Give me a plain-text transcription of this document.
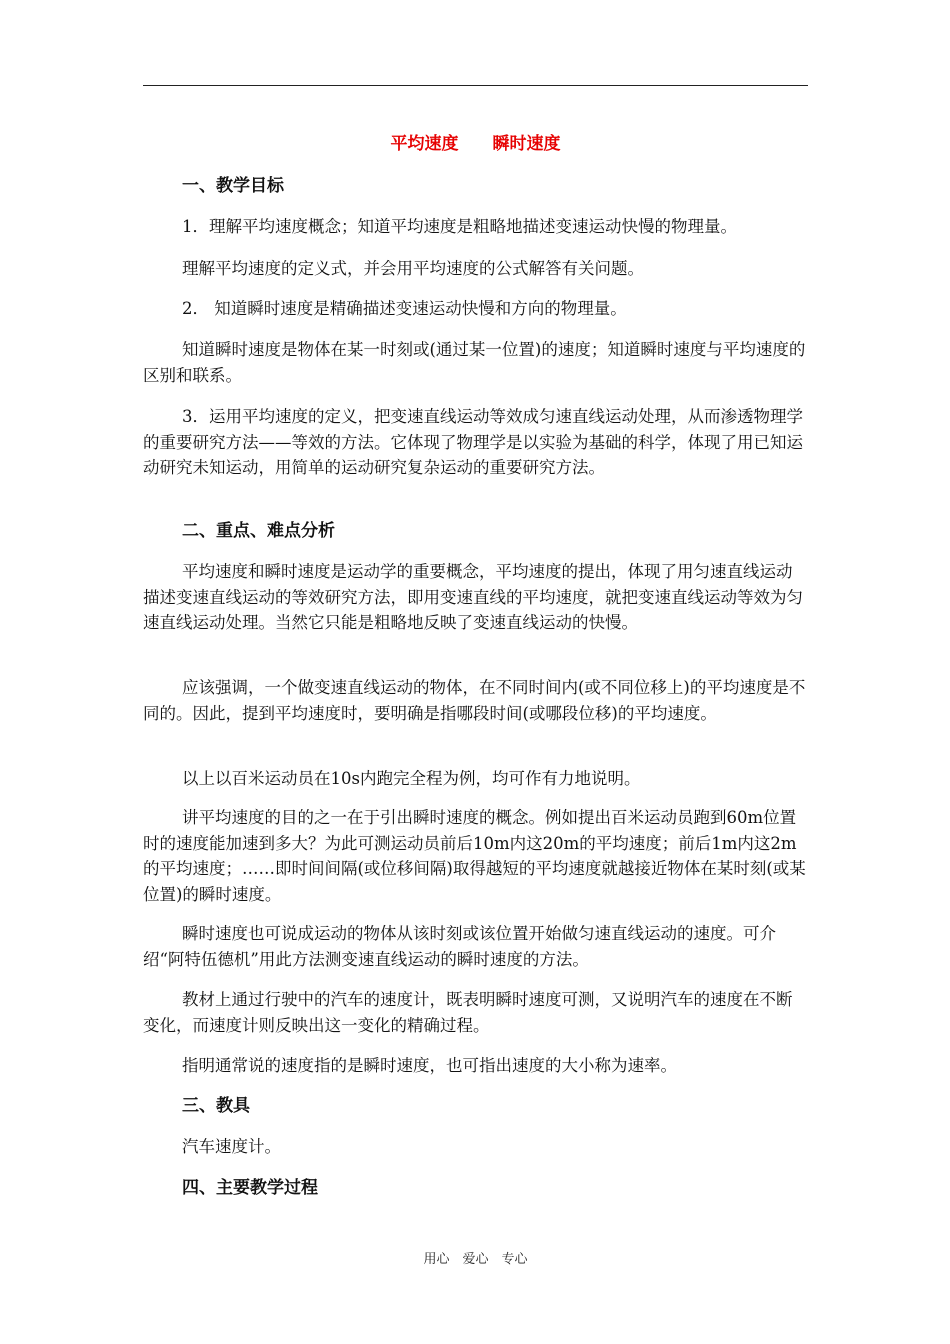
平均速度　　瞬时速度

一、教学目标

1．理解平均速度概念；知道平均速度是粗略地描述变速运动快慢的物理量。

理解平均速度的定义式，并会用平均速度的公式解答有关问题。

2． 知道瞬时速度是精确描述变速运动快慢和方向的物理量。

知道瞬时速度是物体在某一时刻或(通过某一位置)的速度；知道瞬时速度与平均速度的区别和联系。

3．运用平均速度的定义，把变速直线运动等效成匀速直线运动处理，从而渗透物理学的重要研究方法——等效的方法。它体现了物理学是以实验为基础的科学，体现了用已知运动研究未知运动，用简单的运动研究复杂运动的重要研究方法。

二、重点、难点分析

平均速度和瞬时速度是运动学的重要概念，平均速度的提出，体现了用匀速直线运动描述变速直线运动的等效研究方法，即用变速直线的平均速度，就把变速直线运动等效为匀速直线运动处理。当然它只能是粗略地反映了变速直线运动的快慢。

应该强调，一个做变速直线运动的物体，在不同时间内(或不同位移上)的平均速度是不同的。因此，提到平均速度时，要明确是指哪段时间(或哪段位移)的平均速度。

以上以百米运动员在10s内跑完全程为例，均可作有力地说明。

讲平均速度的目的之一在于引出瞬时速度的概念。例如提出百米运动员跑到60m位置时的速度能加速到多大？为此可测运动员前后10m内这20m的平均速度；前后1m内这2m的平均速度；……即时间间隔(或位移间隔)取得越短的平均速度就越接近物体在某时刻(或某位置)的瞬时速度。

瞬时速度也可说成运动的物体从该时刻或该位置开始做匀速直线运动的速度。可介绍“阿特伍德机”用此方法测变速直线运动的瞬时速度的方法。

教材上通过行驶中的汽车的速度计，既表明瞬时速度可测，又说明汽车的速度在不断变化，而速度计则反映出这一变化的精确过程。

指明通常说的速度指的是瞬时速度，也可指出速度的大小称为速率。

三、教具

汽车速度计。

四、主要教学过程

用心　爱心　专心
